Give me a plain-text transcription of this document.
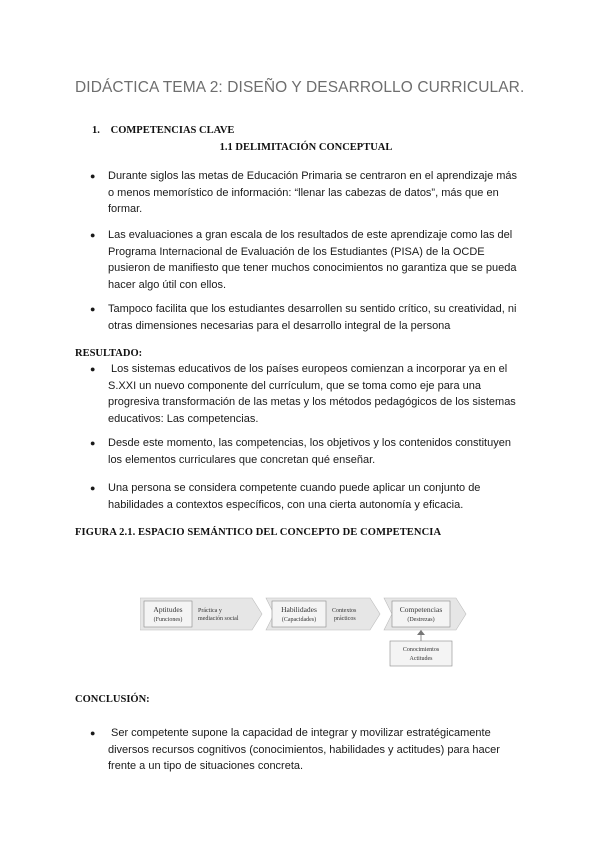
DIDÁCTICA TEMA 2: DISEÑO Y DESARROLLO CURRICULAR.
1. COMPETENCIAS CLAVE
1.1 DELIMITACIÓN CONCEPTUAL
● Durante siglos las metas de Educación Primaria se centraron en el aprendizaje más o menos memorístico de información: “llenar las cabezas de datos”, más que en formar.
● Las evaluaciones a gran escala de los resultados de este aprendizaje como las del Programa Internacional de Evaluación de los Estudiantes (PISA) de la OCDE pusieron de manifiesto que tener muchos conocimientos no garantiza que se pueda hacer algo útil con ellos.
● Tampoco facilita que los estudiantes desarrollen su sentido crítico, su creatividad, ni otras dimensiones necesarias para el desarrollo integral de la persona
RESULTADO:
● Los sistemas educativos de los países europeos comienzan a incorporar ya en el S.XXI un nuevo componente del currículum, que se toma como eje para una progresiva transformación de las metas y los métodos pedagógicos de los sistemas educativos: Las competencias.
● Desde este momento, las competencias, los objetivos y los contenidos constituyen los elementos curriculares que concretan qué enseñar.
● Una persona se considera competente cuando puede aplicar un conjunto de habilidades a contextos específicos, con una cierta autonomía y eficacia.
FIGURA 2.1. ESPACIO SEMÁNTICO DEL CONCEPTO DE COMPETENCIA
Aptitudes
(Funciones)
Práctica y
mediación social
Habilidades
(Capacidades)
Contextos
prácticos
Competencias
(Destrezas)
Conocimientos
Actitudes
CONCLUSIÓN:
● Ser competente supone la capacidad de integrar y movilizar estratégicamente diversos recursos cognitivos (conocimientos, habilidades y actitudes) para hacer frente a un tipo de situaciones concreta.
